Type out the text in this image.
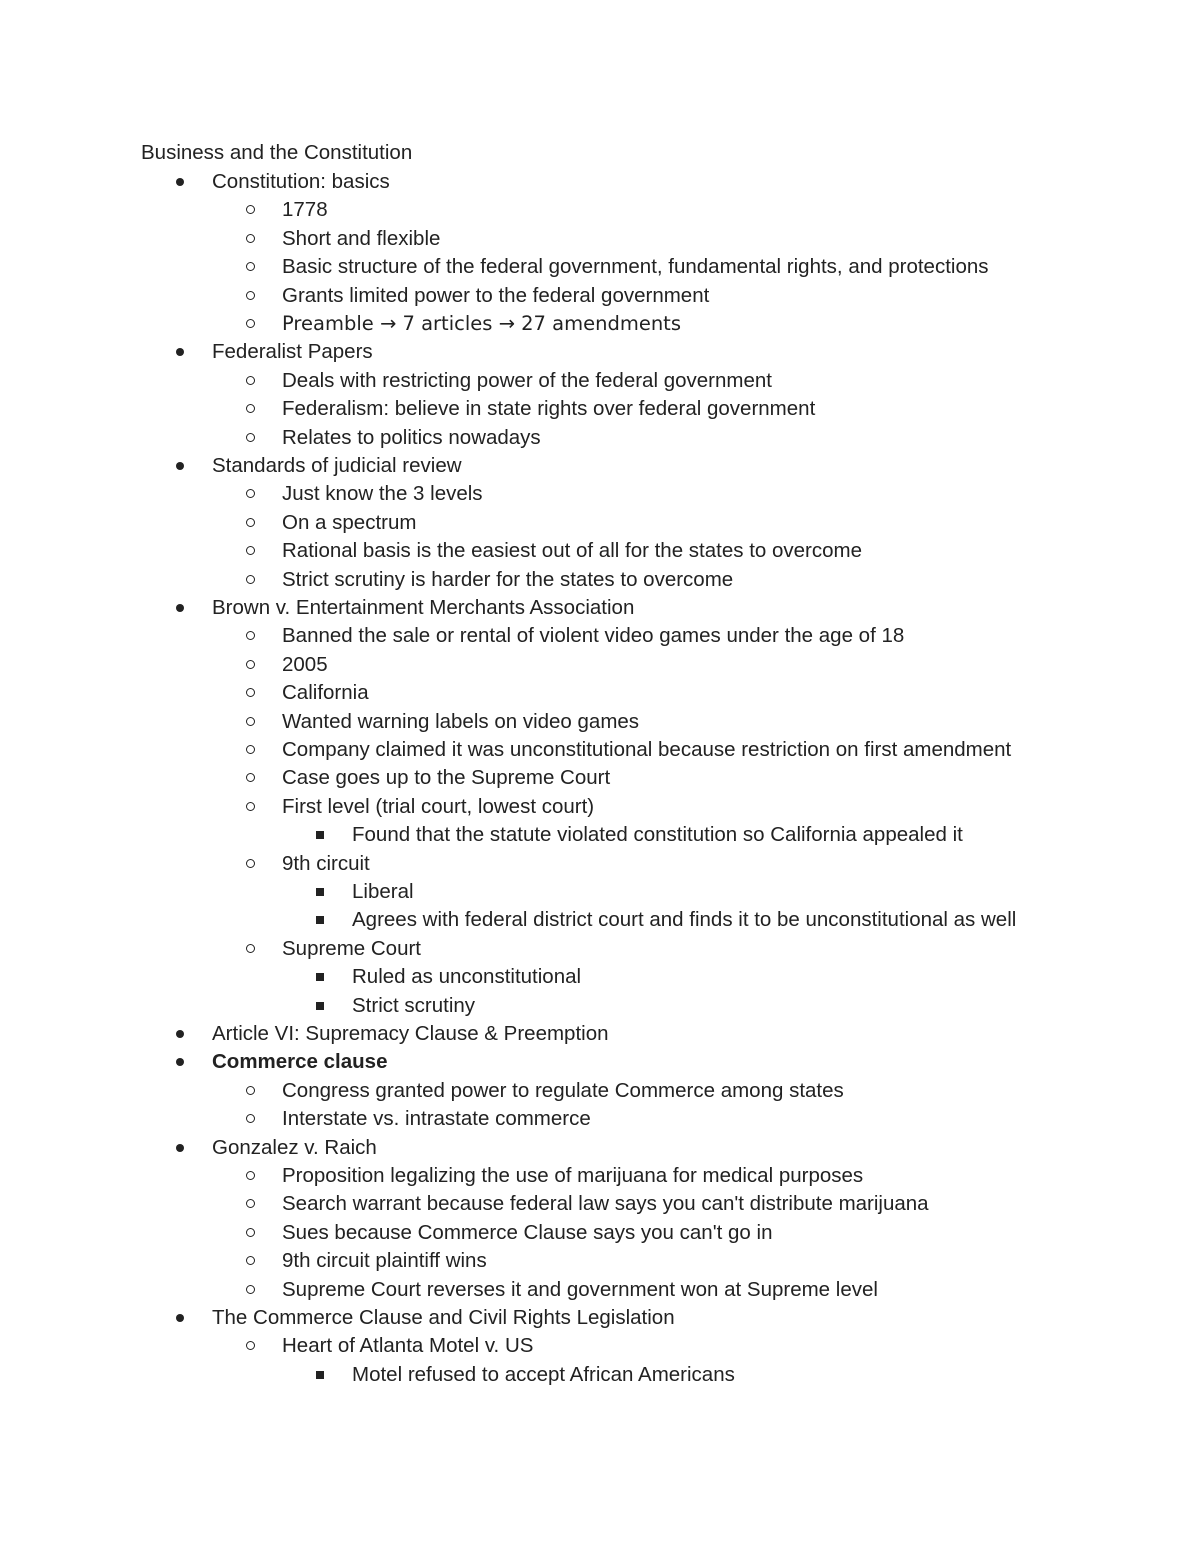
Business and the Constitution
Constitution: basics
1778
Short and flexible
Basic structure of the federal government, fundamental rights, and protections
Grants limited power to the federal government
Preamble → 7 articles → 27 amendments
Federalist Papers
Deals with restricting power of the federal government
Federalism: believe in state rights over federal government
Relates to politics nowadays
Standards of judicial review
Just know the 3 levels
On a spectrum
Rational basis is the easiest out of all for the states to overcome
Strict scrutiny is harder for the states to overcome
Brown v. Entertainment Merchants Association
Banned the sale or rental of violent video games under the age of 18
2005
California
Wanted warning labels on video games
Company claimed it was unconstitutional because restriction on first amendment
Case goes up to the Supreme Court
First level (trial court, lowest court)
Found that the statute violated constitution so California appealed it
9th circuit
Liberal
Agrees with federal district court and finds it to be unconstitutional as well
Supreme Court
Ruled as unconstitutional
Strict scrutiny
Article VI: Supremacy Clause & Preemption
Commerce clause
Congress granted power to regulate Commerce among states
Interstate vs. intrastate commerce
Gonzalez v. Raich
Proposition legalizing the use of marijuana for medical purposes
Search warrant because federal law says you can't distribute marijuana
Sues because Commerce Clause says you can't go in
9th circuit plaintiff wins
Supreme Court reverses it and government won at Supreme level
The Commerce Clause and Civil Rights Legislation
Heart of Atlanta Motel v. US
Motel refused to accept African Americans
